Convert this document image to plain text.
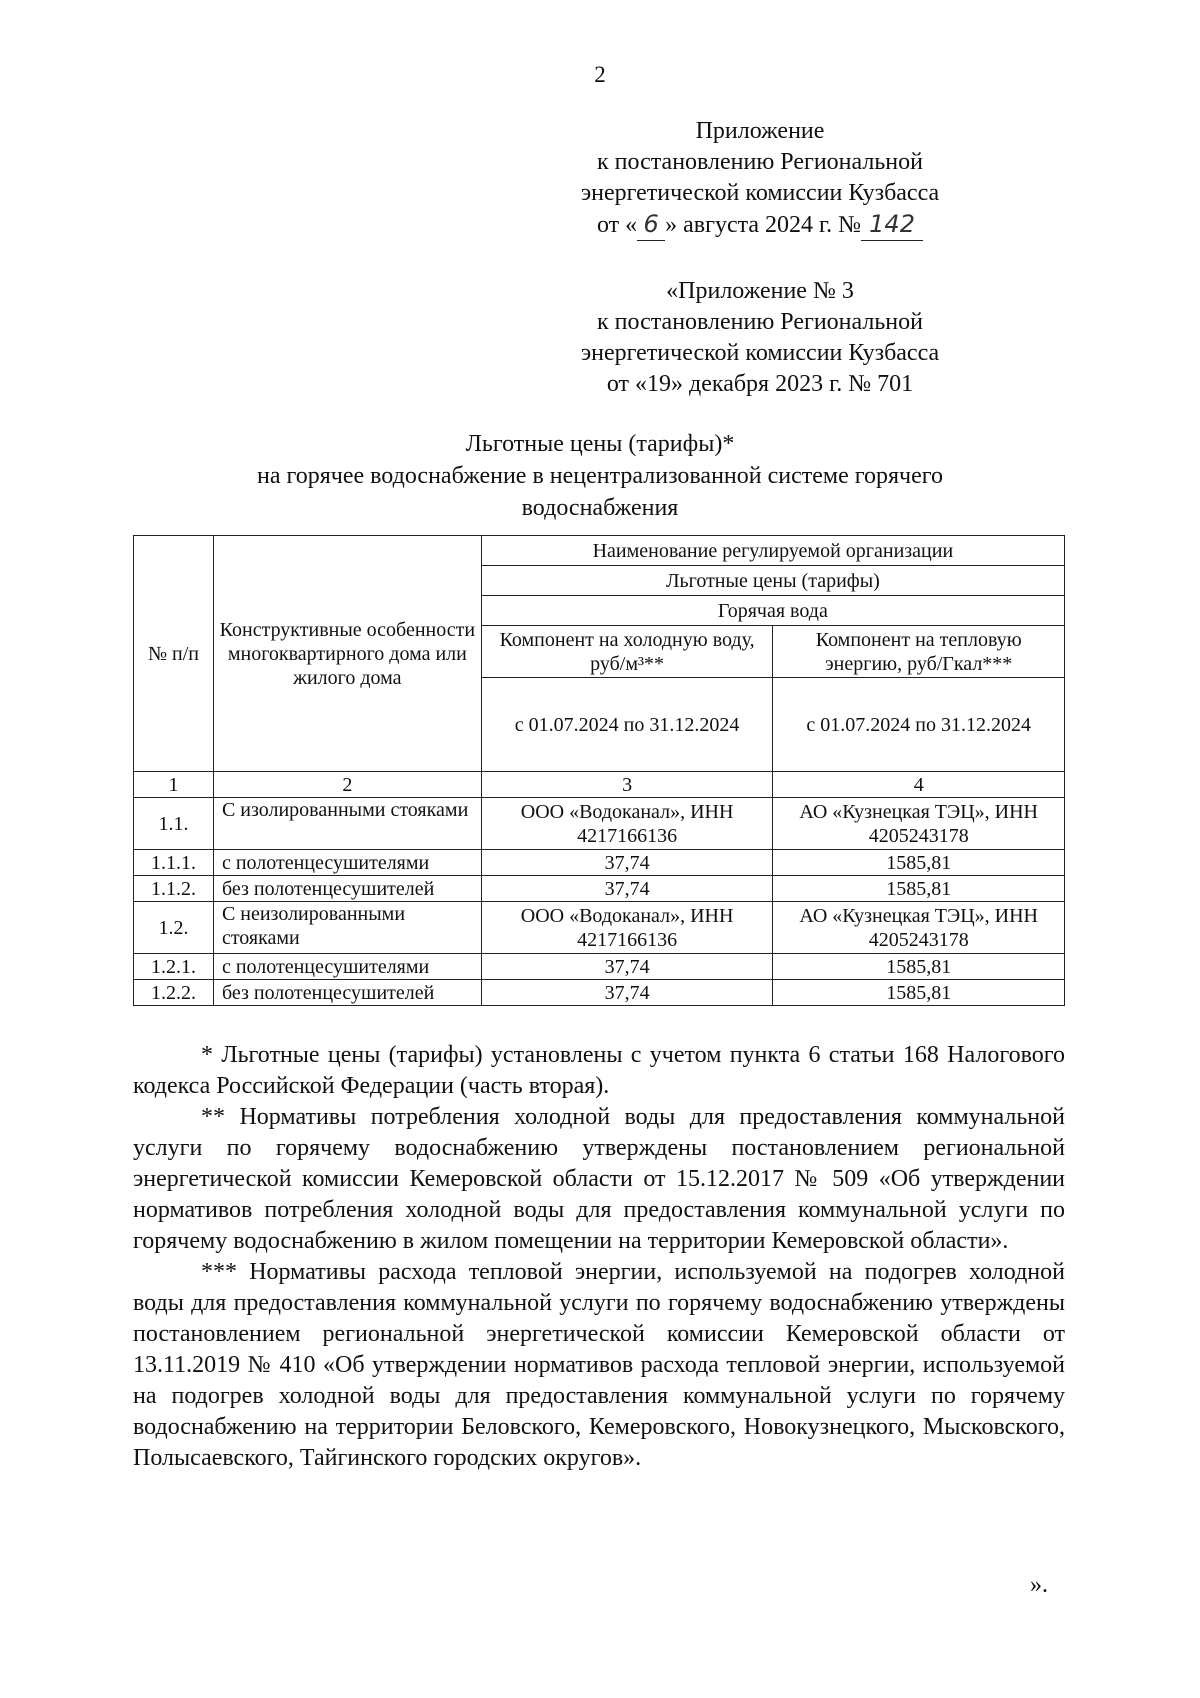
2
Приложение
к постановлению Региональной
энергетической комиссии Кузбасса
от « 6 » августа 2024 г. № 142
«Приложение № 3
к постановлению Региональной
энергетической комиссии Кузбасса
от «19» декабря 2023 г. № 701
Льготные цены (тарифы)*
на горячее водоснабжение в нецентрализованной системе горячего
водоснабжения
№ п/п	Конструктивные особенности многоквартирного дома или жилого дома	Наименование регулируемой организации	
		Льготные цены (тарифы)	
		Горячая вода	
		Компонент на холодную воду, руб/м³**	Компонент на тепловую энергию, руб/Гкал***
		с 01.07.2024 по 31.12.2024	с 01.07.2024 по 31.12.2024
1	2	3	4
1.1.	С изолированными стояками	ООО «Водоканал», ИНН 4217166136	АО «Кузнецкая ТЭЦ», ИНН 4205243178
1.1.1.	с полотенцесушителями	37,74	1585,81
1.1.2.	без полотенцесушителей	37,74	1585,81
1.2.	С неизолированными стояками	ООО «Водоканал», ИНН 4217166136	АО «Кузнецкая ТЭЦ», ИНН 4205243178
1.2.1.	с полотенцесушителями	37,74	1585,81
1.2.2.	без полотенцесушителей	37,74	1585,81

* Льготные цены (тарифы) установлены с учетом пункта 6 статьи 168 Налогового кодекса Российской Федерации (часть вторая).

** Нормативы потребления холодной воды для предоставления коммунальной услуги по горячему водоснабжению утверждены постановлением региональной энергетической комиссии Кемеровской области от 15.12.2017 № 509 «Об утверждении нормативов потребления холодной воды для предоставления коммунальной услуги по горячему водоснабжению в жилом помещении на территории Кемеровской области».

*** Нормативы расхода тепловой энергии, используемой на подогрев холодной воды для предоставления коммунальной услуги по горячему водоснабжению утверждены постановлением региональной энергетической комиссии Кемеровской области от 13.11.2019 № 410 «Об утверждении нормативов расхода тепловой энергии, используемой на подогрев холодной воды для предоставления коммунальной услуги по горячему водоснабжению на территории Беловского, Кемеровского, Новокузнецкого, Мысковского, Полысаевского, Тайгинского городских округов».

».
